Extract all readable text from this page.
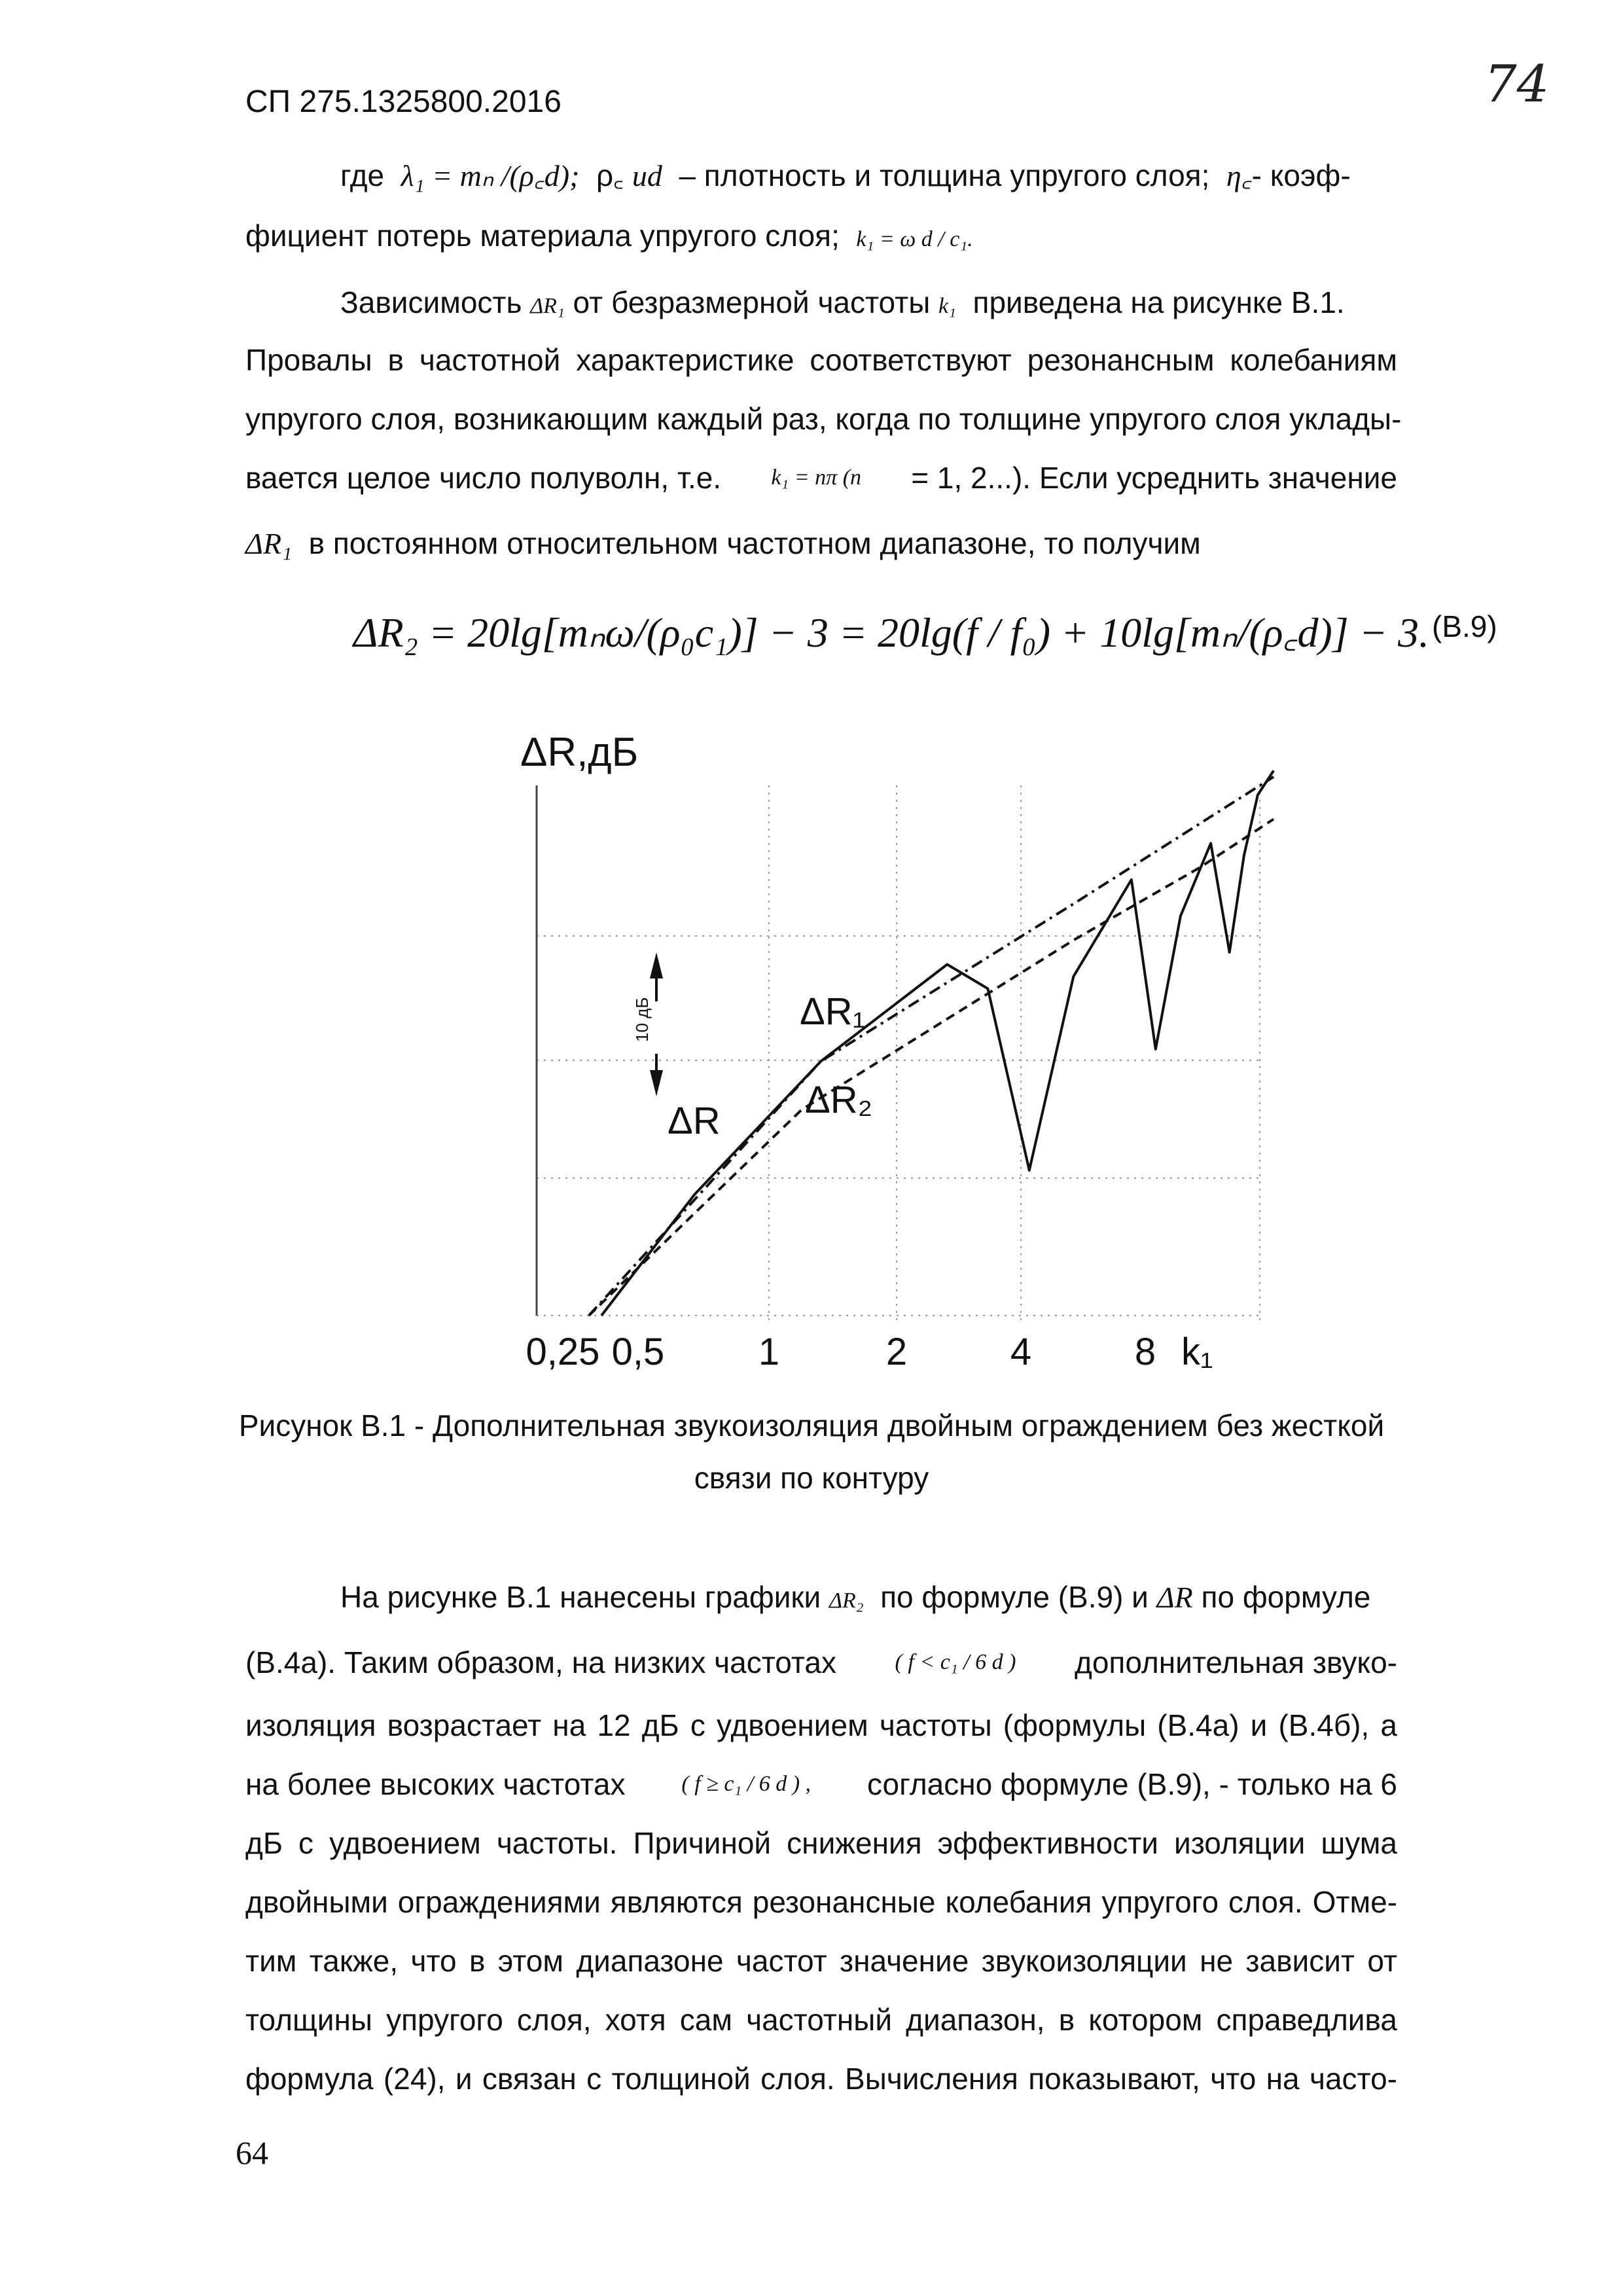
СП 275.1325800.2016	74
где λ₁ = mₙ /(ρ꜀d); ρ꜀ иd – плотность и толщина упругого слоя; η꜀- коэф-
фициент потерь материала упругого слоя; k₁ = ω d / c₁.
Зависимость ΔR₁ от безразмерной частоты k₁ приведена на рисунке В.1.
Провалы в частотной характеристике соответствуют резонансным колебаниям
упругого слоя, возникающим каждый раз, когда по толщине упругого слоя уклады-
вается целое число полуволн, т.е. k₁ = nπ (n = 1, 2...). Если усреднить значение
ΔR₁ в постоянном относительном частотном диапазоне, то получим
ΔR₂ = 20lg[mₙω/(ρ₀c₁)] − 3 = 20lg(f / f₀) + 10lg[mₙ/(ρ꜀d)] − 3. (В.9)
ΔR,дБ
10 дБ	ΔR₁
ΔR ΔR₂
0,25 0,5 1	2	4	8 k₁
Рисунок В.1 - Дополнительная звукоизоляция двойным ограждением без жесткой
связи по контуру
На рисунке В.1 нанесены графики ΔR₂ по формуле (В.9) и ΔR по формуле
(В.4а). Таким образом, на низких частотах	( f < c₁ / 6 d ) дополнительная звуко-
изоляция возрастает на 12 дБ с удвоением частоты (формулы (В.4а) и (В.4б), а
на более высоких частотах	( f ≥ c₁ / 6 d ) , согласно формуле (В.9), - только на 6
дБ с удвоением частоты. Причиной снижения эффективности изоляции шума
двойными ограждениями являются резонансные колебания упругого слоя. Отме-
тим также, что в этом диапазоне частот значение звукоизоляции не зависит от
толщины упругого слоя, хотя сам частотный диапазон, в котором справедлива
формула (24), и связан с толщиной слоя. Вычисления показывают, что на часто-
64
